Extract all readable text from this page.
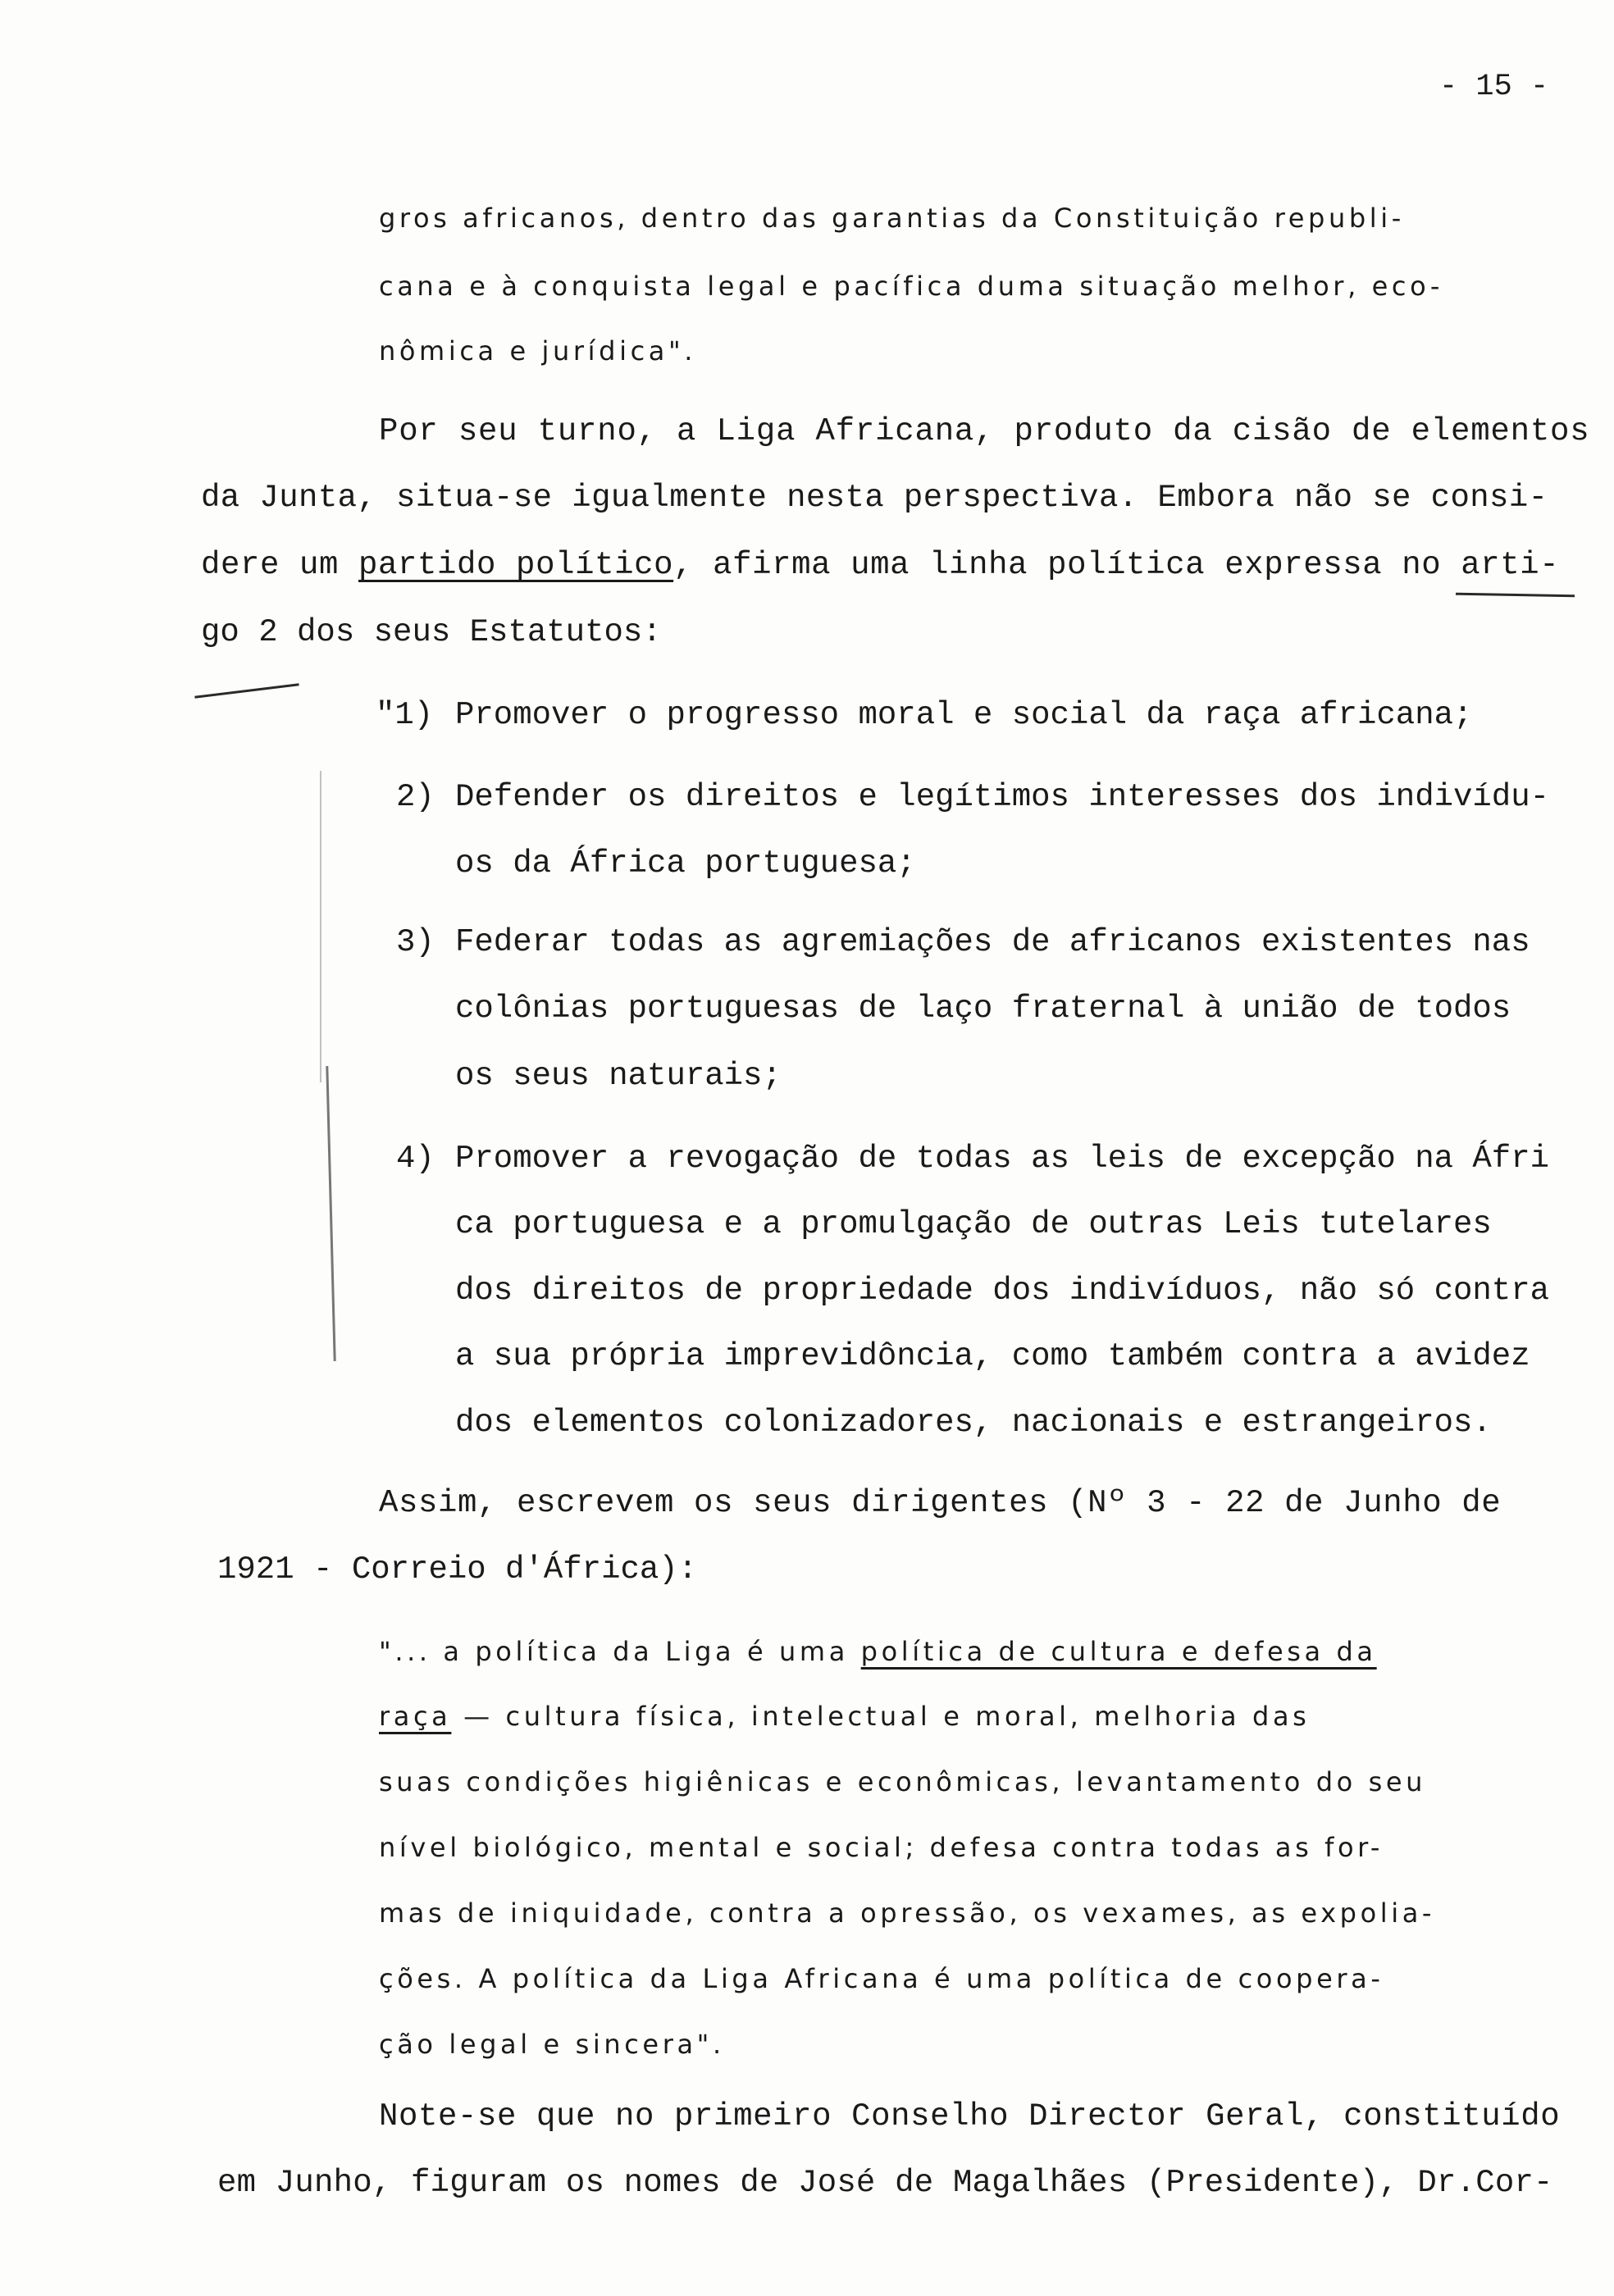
- 15 -
gros africanos, dentro das garantias da Constituição republi-
cana e à conquista legal e pacífica duma situação melhor, eco-
nômica e jurídica".
Por seu turno, a Liga Africana, produto da cisão de elementos
da Junta, situa-se igualmente nesta perspectiva. Embora não se consi-
dere um partido político, afirma uma linha política expressa no arti-
go 2 dos seus Estatutos:
"1) Promover o progresso moral e social da raça africana;
2) Defender os direitos e legítimos interesses dos indivídu-
os da África portuguesa;
3) Federar todas as agremiações de africanos existentes nas
colônias portuguesas de laço fraternal à união de todos
os seus naturais;
4) Promover a revogação de todas as leis de excepção na Áfri
ca portuguesa e a promulgação de outras Leis tutelares
dos direitos de propriedade dos indivíduos, não só contra
a sua própria imprevidôncia, como também contra a avidez
dos elementos colonizadores, nacionais e estrangeiros.
Assim, escrevem os seus dirigentes (Nº 3 - 22 de Junho de
1921 - Correio d'África):
"... a política da Liga é uma política de cultura e defesa da
raça — cultura física, intelectual e moral, melhoria das
suas condições higiênicas e econômicas, levantamento do seu
nível biológico, mental e social; defesa contra todas as for-
mas de iniquidade, contra a opressão, os vexames, as expolia-
ções. A política da Liga Africana é uma política de coopera-
ção legal e sincera".
Note-se que no primeiro Conselho Director Geral, constituído
em Junho, figuram os nomes de José de Magalhães (Presidente), Dr.Cor-
